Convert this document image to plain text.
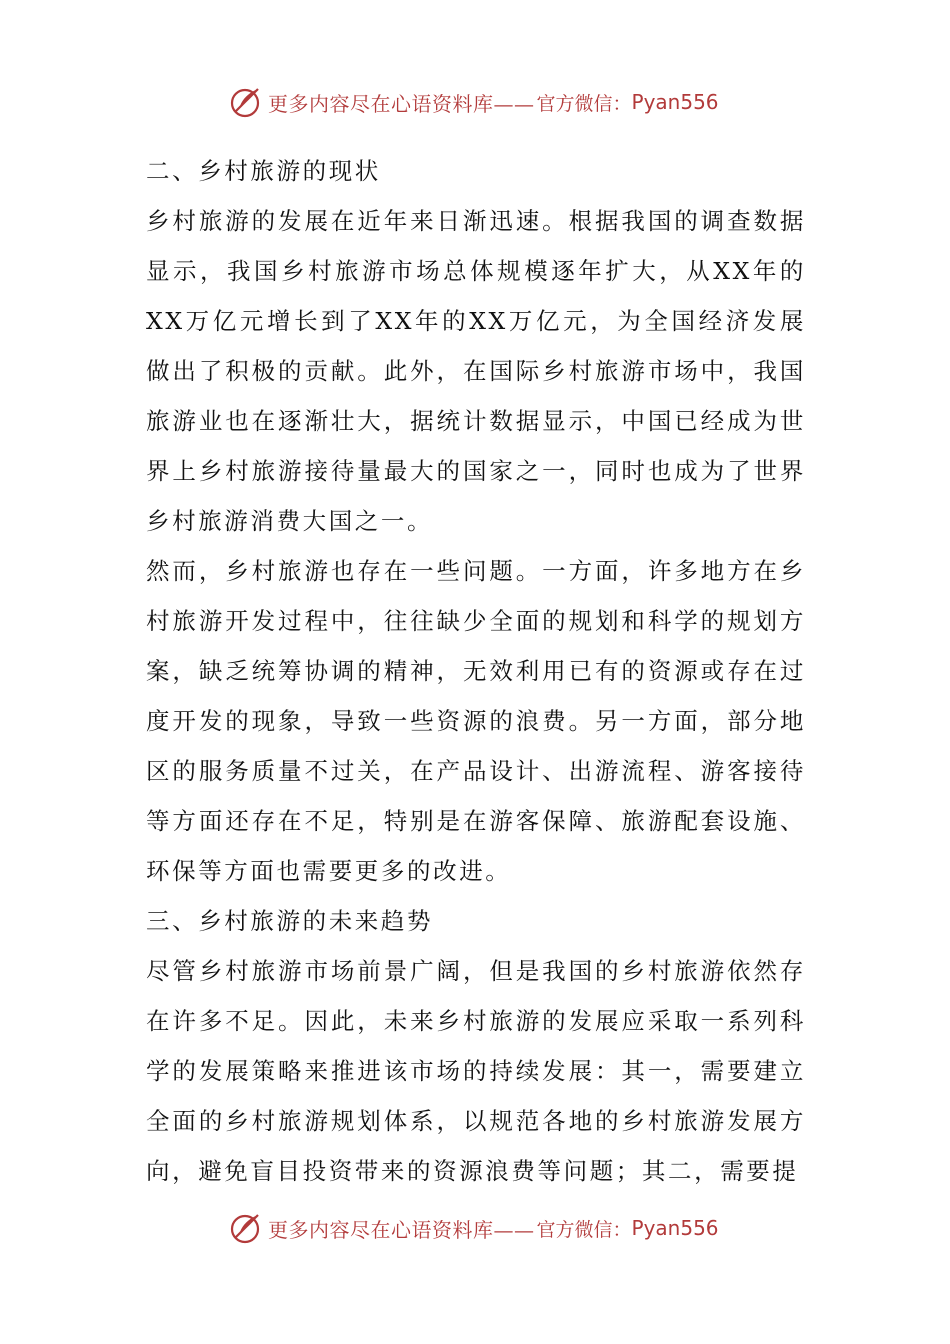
更多内容尽在心语资料库—— 官方微信： Pyan556

二、乡村旅游的现状

乡村旅游的发展在近年来日渐迅速。根据我国的调查数据显示，我国乡村旅游市场总体规模逐年扩大，从XX年的XX万亿元增长到了XX年的XX万亿元，为全国经济发展做出了积极的贡献。此外，在国际乡村旅游市场中，我国旅游业也在逐渐壮大，据统计数据显示，中国已经成为世界上乡村旅游接待量最大的国家之一，同时也成为了世界乡村旅游消费大国之一。

然而，乡村旅游也存在一些问题。一方面，许多地方在乡村旅游开发过程中，往往缺少全面的规划和科学的规划方案，缺乏统筹协调的精神，无效利用已有的资源或存在过度开发的现象，导致一些资源的浪费。另一方面，部分地区的服务质量不过关，在产品设计、出游流程、游客接待等方面还存在不足，特别是在游客保障、旅游配套设施、环保等方面也需要更多的改进。

三、乡村旅游的未来趋势

尽管乡村旅游市场前景广阔，但是我国的乡村旅游依然存在许多不足。因此，未来乡村旅游的发展应采取一系列科学的发展策略来推进该市场的持续发展：其一，需要建立全面的乡村旅游规划体系，以规范各地的乡村旅游发展方向，避免盲目投资带来的资源浪费等问题；其二，需要提

更多内容尽在心语资料库—— 官方微信： Pyan556
